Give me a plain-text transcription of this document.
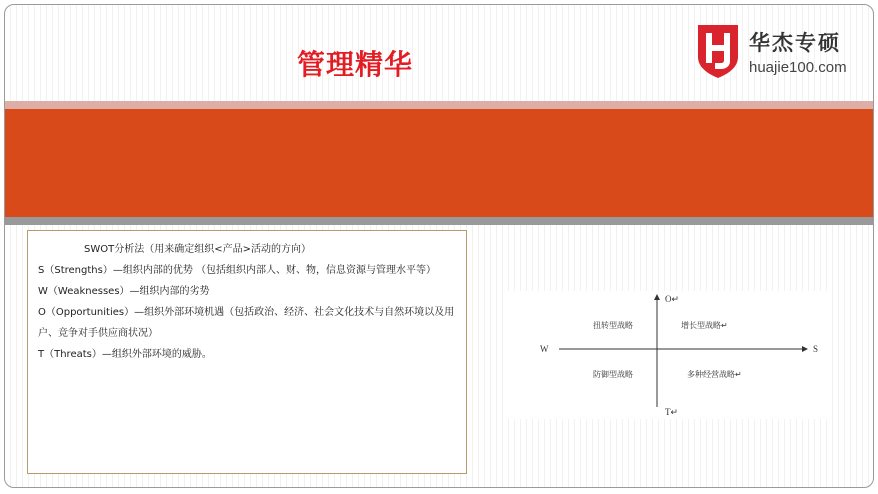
管理精华
华杰专硕
huajie100.com

SWOT分析法（用来确定组织<产品>活动的方向）

S（Strengths）—组织内部的优势 （包括组织内部人、财、物，信息资源与管理水平等）

W（Weaknesses）—组织内部的劣势

O（Opportunities）—组织外部环境机遇（包括政治、经济、社会文化技术与自然环境以及用户、竞争对手供应商状况）

T（Threats）—组织外部环境的威胁。

O↵
T↵
W	S
扭转型战略	增长型战略↵
防御型战略	多种经营战略↵
